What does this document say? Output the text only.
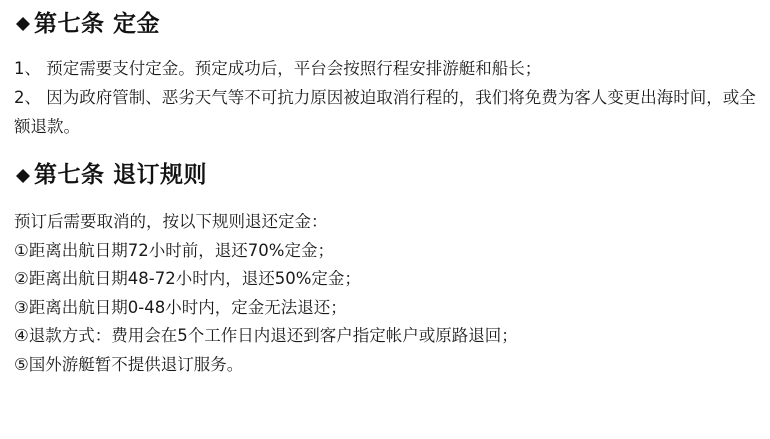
第七条 定金

1、 预定需要支付定金。预定成功后，平台会按照行程安排游艇和船长；

2、 因为政府管制、恶劣天气等不可抗力原因被迫取消行程的，我们将免费为客人变更出海时间，或全额退款。

第七条 退订规则

预订后需要取消的，按以下规则退还定金：

①距离出航日期72小时前，退还70%定金；

②距离出航日期48-72小时内，退还50%定金；

③距离出航日期0-48小时内，定金无法退还；

④退款方式：费用会在5个工作日内退还到客户指定帐户或原路退回；

⑤国外游艇暂不提供退订服务。
